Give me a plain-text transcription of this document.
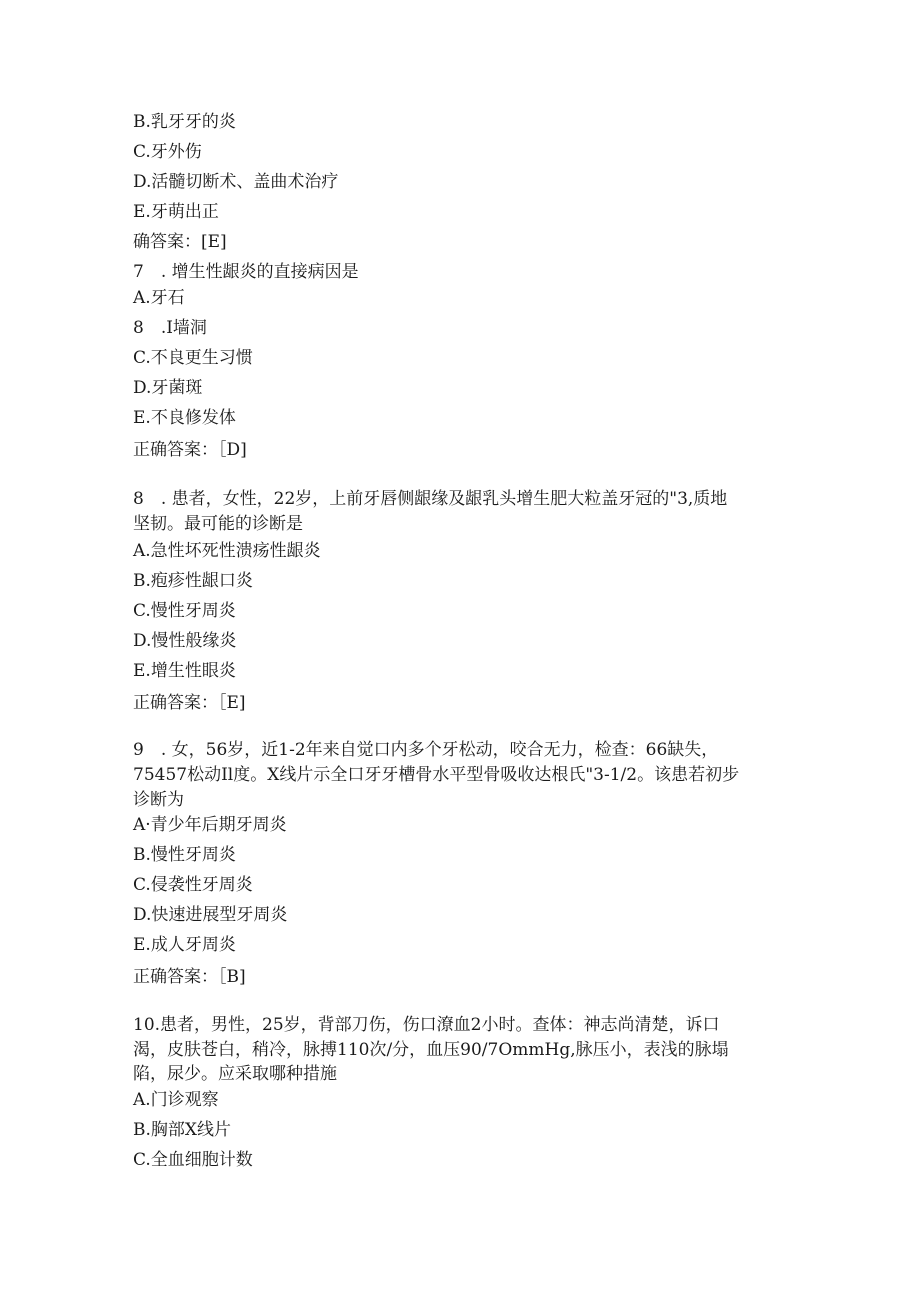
B.乳牙牙的炎
C.牙外伤
D.活髓切断术、盖曲术治疗
E.牙萌出正
确答案：[E]
7　. 增生性龈炎的直接病因是
A.牙石
8　.I墙洞
C.不良更生习惯
D.牙菌斑
E.不良修发体
正确答案：［D]
8　. 患者，女性，22岁，上前牙唇侧龈缘及龈乳头增生肥大粒盖牙冠的"3,质地
坚韧。最可能的诊断是
A.急性坏死性溃疡性龈炎
B.疱疹性龈口炎
C.慢性牙周炎
D.慢性般缘炎
E.增生性眼炎
正确答案：［E]
9　. 女，56岁，近1-2年来自觉口内多个牙松动，咬合无力，检查：66缺失，
75457松动Il度。X线片示全口牙牙槽骨水平型骨吸收达根氏"3-1/2。该患若初步
诊断为
A·青少年后期牙周炎
B.慢性牙周炎
C.侵袭性牙周炎
D.快速进展型牙周炎
E.成人牙周炎
正确答案：［B]
10.患者，男性，25岁，背部刀伤，伤口潦血2小时。查体：神志尚清楚，诉口
渴，皮肤苍白，稍冷，脉搏110次/分，血压90/7OmmHg,脉压小，表浅的脉塌
陷，尿少。应采取哪种措施
A.门诊观察
B.胸部X线片
C.全血细胞计数
